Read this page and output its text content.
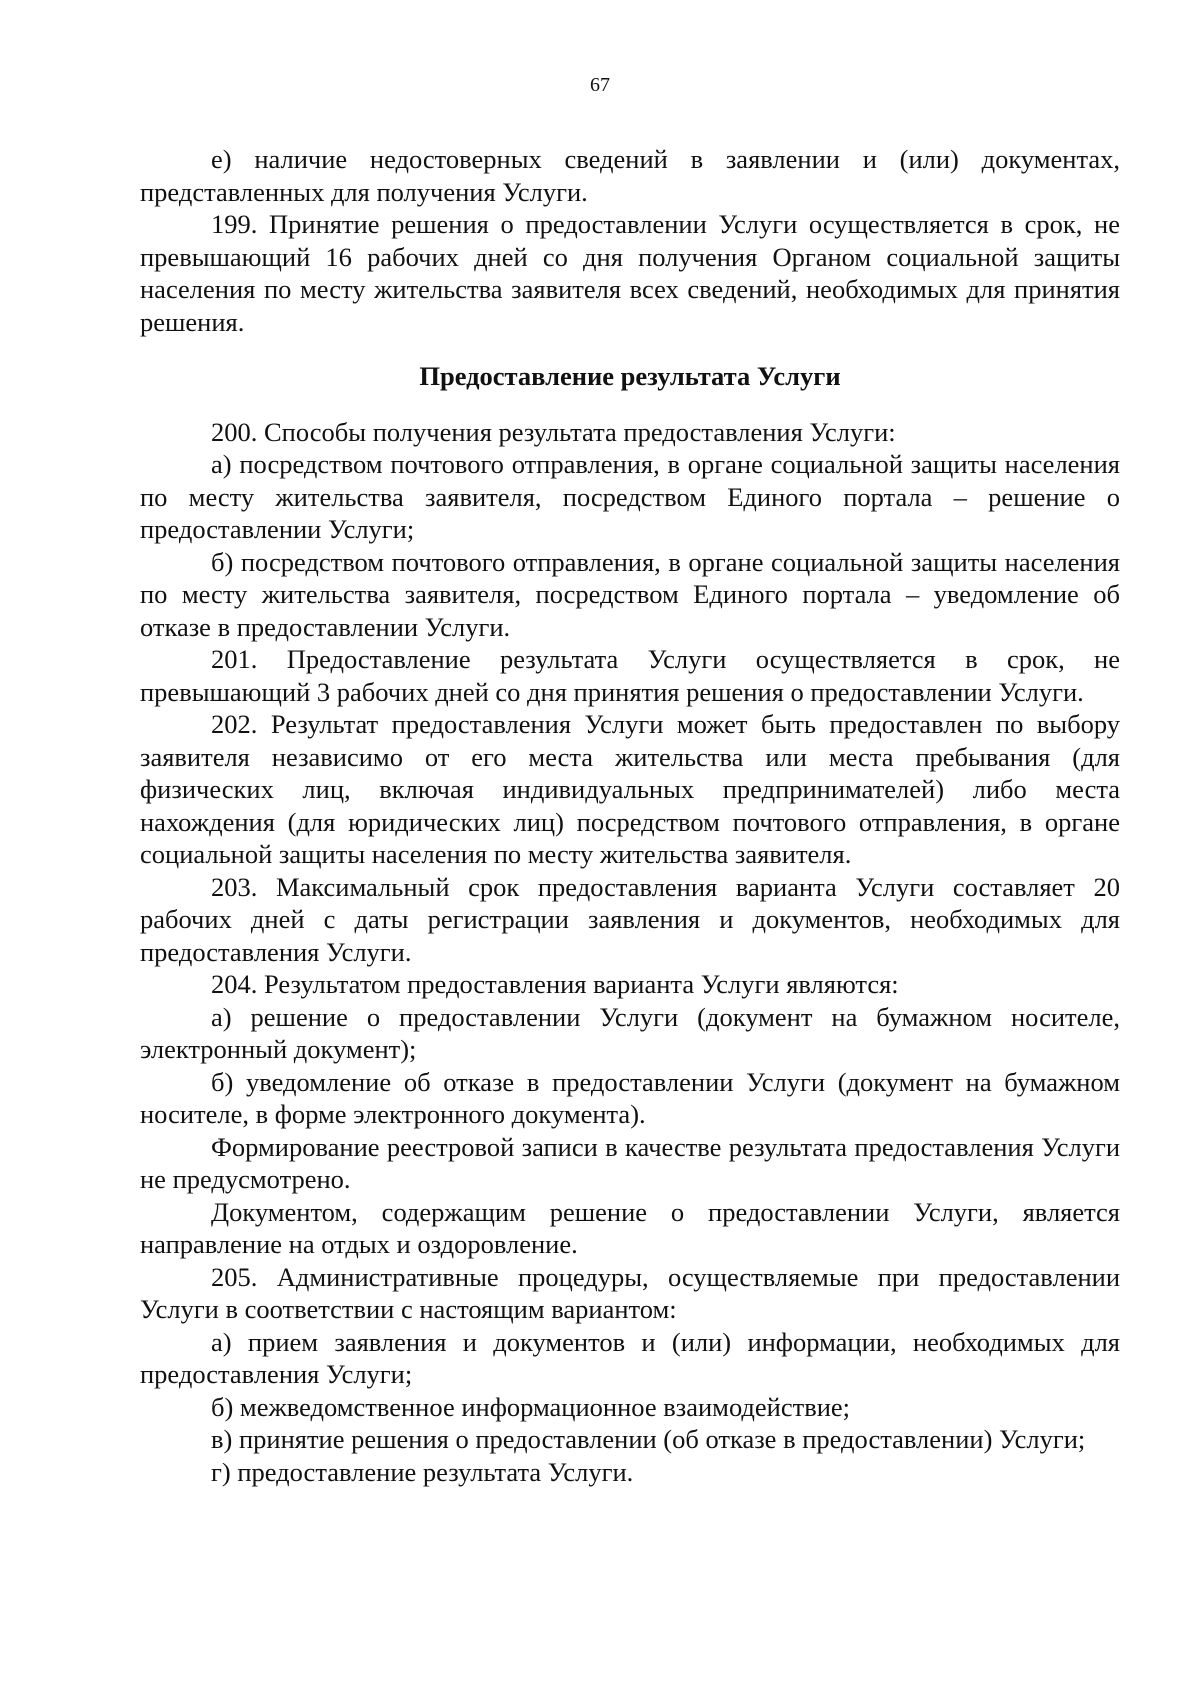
67

е) наличие недостоверных сведений в заявлении и (или) документах, представленных для получения Услуги.

199. Принятие решения о предоставлении Услуги осуществляется в срок, не превышающий 16 рабочих дней со дня получения Органом социальной защиты населения по месту жительства заявителя всех сведений, необходимых для принятия решения.

Предоставление результата Услуги

200. Способы получения результата предоставления Услуги:

а) посредством почтового отправления, в органе социальной защиты населения по месту жительства заявителя, посредством Единого портала – решение о предоставлении Услуги;

б) посредством почтового отправления, в органе социальной защиты населения по месту жительства заявителя, посредством Единого портала – уведомление об отказе в предоставлении Услуги.

201. Предоставление результата Услуги осуществляется в срок, не превышающий 3 рабочих дней со дня принятия решения о предоставлении Услуги.

202. Результат предоставления Услуги может быть предоставлен по выбору заявителя независимо от его места жительства или места пребывания (для физических лиц, включая индивидуальных предпринимателей) либо места нахождения (для юридических лиц) посредством почтового отправления, в органе социальной защиты населения по месту жительства заявителя.

203. Максимальный срок предоставления варианта Услуги составляет 20 рабочих дней с даты регистрации заявления и документов, необходимых для предоставления Услуги.

204. Результатом предоставления варианта Услуги являются:

а) решение о предоставлении Услуги (документ на бумажном носителе, электронный документ);

б) уведомление об отказе в предоставлении Услуги (документ на бумажном носителе, в форме электронного документа).

Формирование реестровой записи в качестве результата предоставления Услуги не предусмотрено.

Документом, содержащим решение о предоставлении Услуги, является направление на отдых и оздоровление.

205. Административные процедуры, осуществляемые при предоставлении Услуги в соответствии с настоящим вариантом:

а) прием заявления и документов и (или) информации, необходимых для предоставления Услуги;

б) межведомственное информационное взаимодействие;

в) принятие решения о предоставлении (об отказе в предоставлении) Услуги;

г) предоставление результата Услуги.
